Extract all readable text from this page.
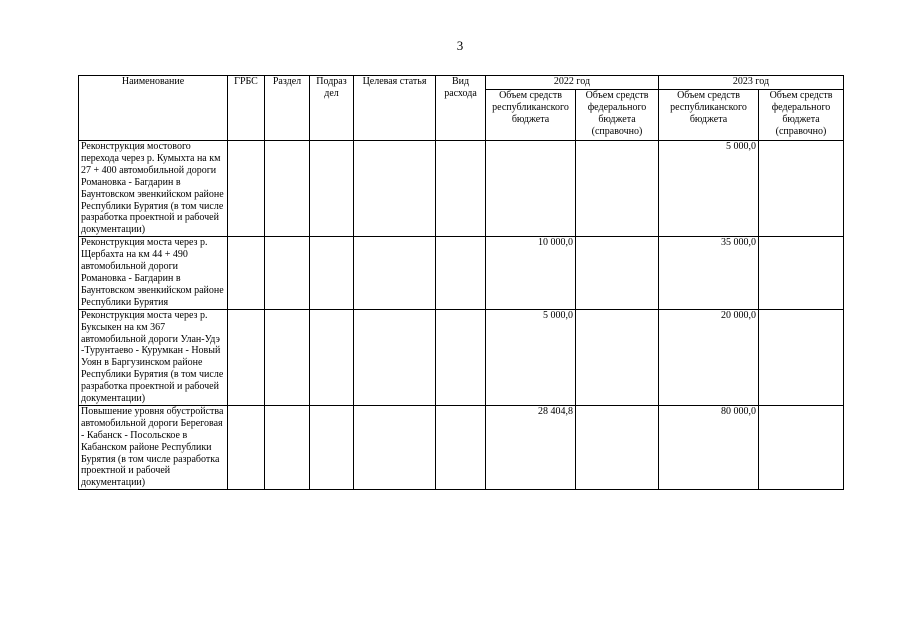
3
Наименование	ГРБС	Раздел	Подраз дел	Целевая статья	Вид расхода	2022 год		2023 год	
						Объем средств республиканского бюджета	Объем средств федерального бюджета (справочно)	Объем средств республиканского бюджета	Объем средств федерального бюджета (справочно)
Реконструкция мостового перехода через р. Кумыхта на км 27 + 400 автомобильной дороги Романовка - Багдарин в Баунтовском эвенкийском районе Республики Бурятия (в том числе разработка проектной и рабочей документации)								5 000,0	
Реконструкция моста через р. Щербахта на км 44 + 490 автомобильной дороги Романовка - Багдарин в Баунтовском эвенкийском районе Республики Бурятия						10 000,0		35 000,0	
Реконструкция моста через р. Буксыкен на км 367 автомобильной дороги Улан-Удэ -Турунтаево - Курумкан - Новый Уоян в Баргузинском районе Республики Бурятия (в том числе разработка проектной и рабочей документации)						5 000,0		20 000,0	
Повышение уровня обустройства автомобильной дороги Береговая - Кабанск - Посольское в Кабанском районе Республики Бурятия (в том числе разработка проектной и рабочей документации)						28 404,8		80 000,0	
